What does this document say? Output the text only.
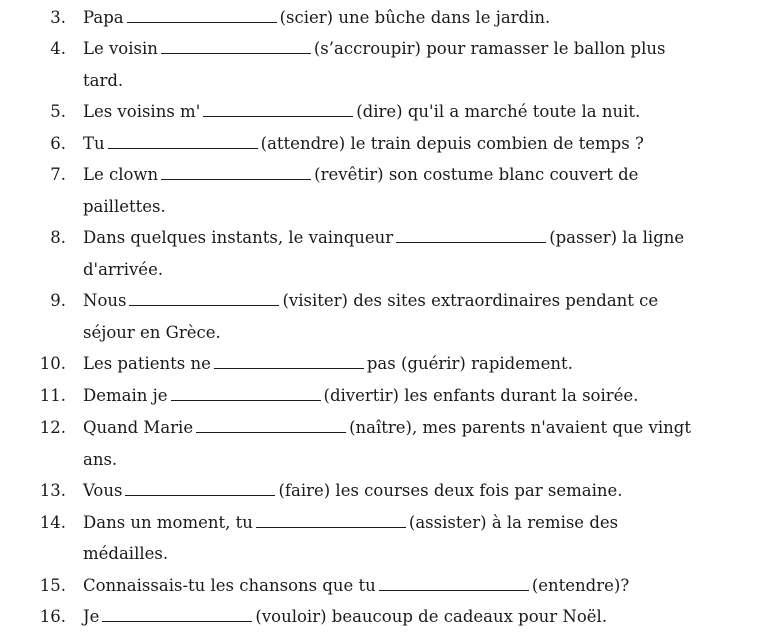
3. Papa	(scier) une bûche dans le jardin.
4. Le voisin	(s’accroupir) pour ramasser le ballon plus
tard.
5. Les voisins m'	(dire) qu'il a marché toute la nuit.
6. Tu	(attendre) le train depuis combien de temps ?
7. Le clown	(revêtir) son costume blanc couvert de
paillettes.
8. Dans quelques instants, le vainqueur	(passer) la ligne
d'arrivée.
9. Nous	(visiter) des sites extraordinaires pendant ce
séjour en Grèce.
10. Les patients ne	pas (guérir) rapidement.
11. Demain je	(divertir) les enfants durant la soirée.
12. Quand Marie	(naître), mes parents n'avaient que vingt
ans.
13. Vous	(faire) les courses deux fois par semaine.
14. Dans un moment, tu	(assister) à la remise des
médailles.
15. Connaissais-tu les chansons que tu	(entendre)?
16. Je	(vouloir) beaucoup de cadeaux pour Noël.
